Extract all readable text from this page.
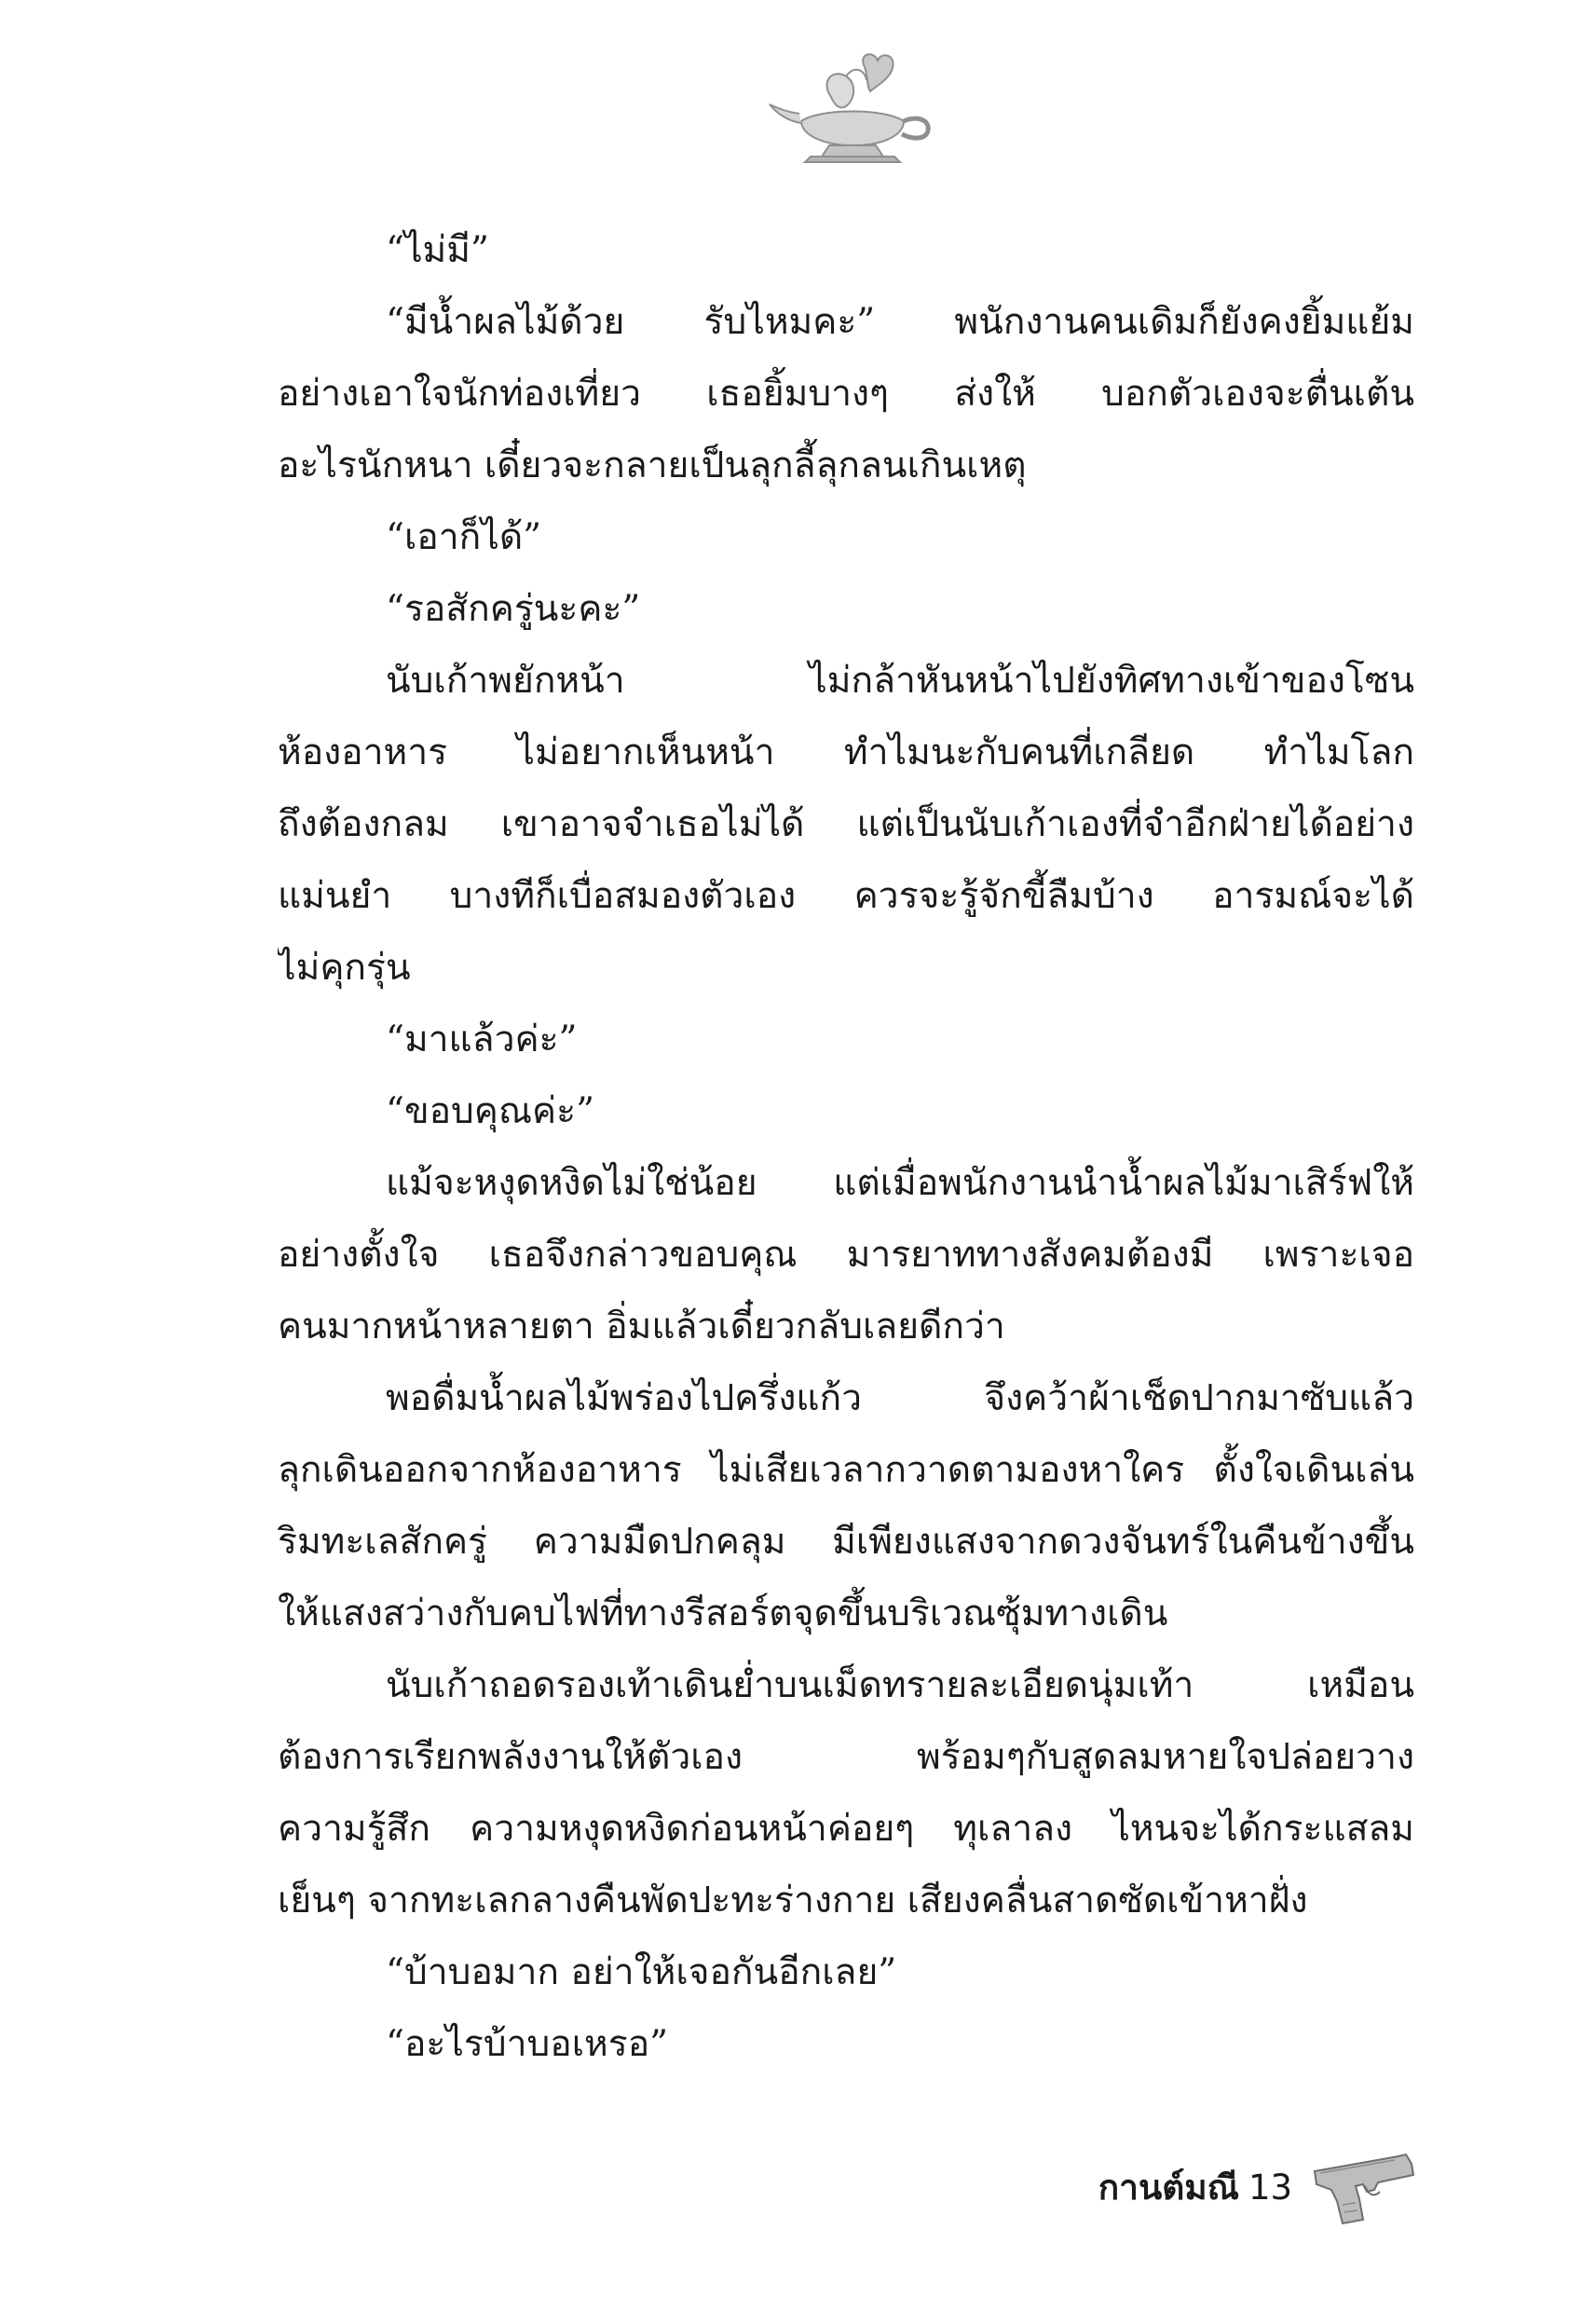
“ไม่มี”
“มีน้ำผลไม้ด้วย รับไหมคะ” พนักงานคนเดิมก็ยังคงยิ้มแย้ม
อย่างเอาใจนักท่องเที่ยว เธอยิ้มบางๆ ส่งให้ บอกตัวเองจะตื่นเต้น
อะไรนักหนา เดี๋ยวจะกลายเป็นลุกลี้ลุกลนเกินเหตุ
“เอาก็ได้”
“รอสักครู่นะคะ”
นับเก้าพยักหน้า ไม่กล้าหันหน้าไปยังทิศทางเข้าของโซน
ห้องอาหาร ไม่อยากเห็นหน้า ทำไมนะกับคนที่เกลียด ทำไมโลก
ถึงต้องกลม เขาอาจจำเธอไม่ได้ แต่เป็นนับเก้าเองที่จำอีกฝ่ายได้อย่าง
แม่นยำ บางทีก็เบื่อสมองตัวเอง ควรจะรู้จักขี้ลืมบ้าง อารมณ์จะได้
ไม่คุกรุ่น
“มาแล้วค่ะ”
“ขอบคุณค่ะ”
แม้จะหงุดหงิดไม่ใช่น้อย แต่เมื่อพนักงานนำน้ำผลไม้มาเสิร์ฟให้
อย่างตั้งใจ เธอจึงกล่าวขอบคุณ มารยาททางสังคมต้องมี เพราะเจอ
คนมากหน้าหลายตา อิ่มแล้วเดี๋ยวกลับเลยดีกว่า
พอดื่มน้ำผลไม้พร่องไปครึ่งแก้ว จึงคว้าผ้าเช็ดปากมาซับแล้ว
ลุกเดินออกจากห้องอาหาร ไม่เสียเวลากวาดตามองหาใคร ตั้งใจเดินเล่น
ริมทะเลสักครู่ ความมืดปกคลุม มีเพียงแสงจากดวงจันทร์ในคืนข้างขึ้น
ให้แสงสว่างกับคบไฟที่ทางรีสอร์ตจุดขึ้นบริเวณซุ้มทางเดิน
นับเก้าถอดรองเท้าเดินย่ำบนเม็ดทรายละเอียดนุ่มเท้า เหมือน
ต้องการเรียกพลังงานให้ตัวเอง พร้อมๆกับสูดลมหายใจปล่อยวาง
ความรู้สึก ความหงุดหงิดก่อนหน้าค่อยๆ ทุเลาลง ไหนจะได้กระแสลม
เย็นๆ จากทะเลกลางคืนพัดปะทะร่างกาย เสียงคลื่นสาดซัดเข้าหาฝั่ง
“บ้าบอมาก อย่าให้เจอกันอีกเลย”
“อะไรบ้าบอเหรอ”
กานต์มณี 13
